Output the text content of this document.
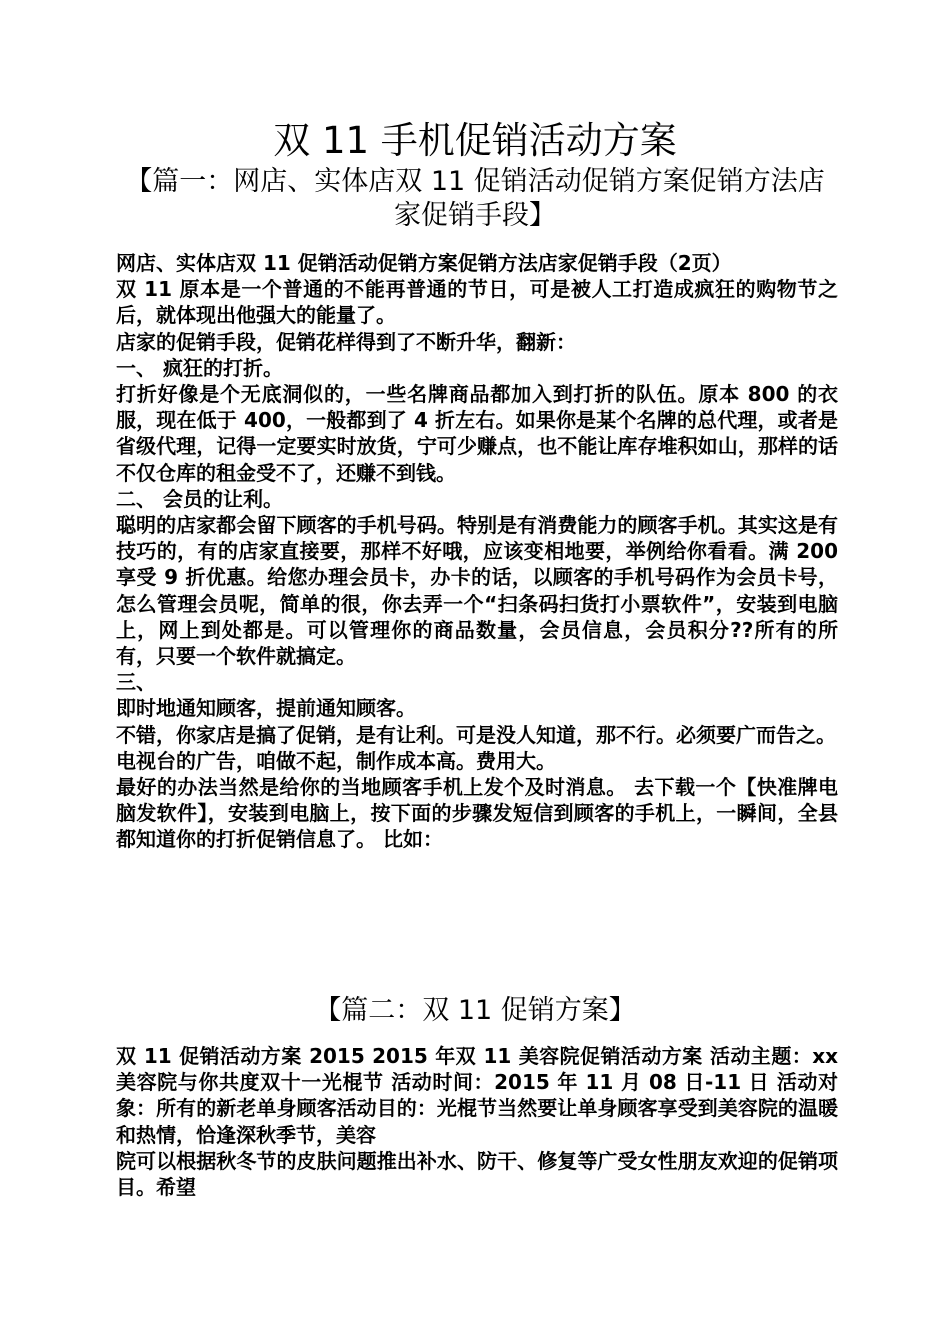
双 11 手机促销活动方案
【篇一：网店、实体店双 11 促销活动促销方案促销方法店家促销手段】

网店、实体店双 11 促销活动促销方案促销方法店家促销手段（2页）

双 11 原本是一个普通的不能再普通的节日，可是被人工打造成疯狂的购物节之后，就体现出他强大的能量了。

店家的促销手段，促销花样得到了不断升华，翻新：

一、 疯狂的打折。

打折好像是个无底洞似的，一些名牌商品都加入到打折的队伍。原本 800 的衣服，现在低于 400，一般都到了 4 折左右。如果你是某个名牌的总代理，或者是省级代理，记得一定要实时放货，宁可少赚点，也不能让库存堆积如山，那样的话不仅仓库的租金受不了，还赚不到钱。

二、 会员的让利。

聪明的店家都会留下顾客的手机号码。特别是有消费能力的顾客手机。其实这是有技巧的，有的店家直接要，那样不好哦，应该变相地要，举例给你看看。满 200 享受 9 折优惠。给您办理会员卡，办卡的话，以顾客的手机号码作为会员卡号，怎么管理会员呢，简单的很，你去弄一个“扫条码扫货打小票软件”，安装到电脑上，网上到处都是。可以管理你的商品数量，会员信息，会员积分??所有的所有，只要一个软件就搞定。

三、

即时地通知顾客，提前通知顾客。

不错，你家店是搞了促销，是有让利。可是没人知道，那不行。必须要广而告之。

电视台的广告，咱做不起，制作成本高。费用大。

最好的办法当然是给你的当地顾客手机上发个及时消息。 去下载一个【快准牌电脑发软件】，安装到电脑上，按下面的步骤发短信到顾客的手机上，一瞬间，全县都知道你的打折促销信息了。 比如：

【篇二：双 11 促销方案】

双 11 促销活动方案 2015 2015 年双 11 美容院促销活动方案 活动主题：xx 美容院与你共度双十一光棍节 活动时间：2015 年 11 月 08 日-11 日 活动对象：所有的新老单身顾客活动目的：光棍节当然要让单身顾客享受到美容院的温暖和热情，恰逢深秋季节，美容

院可以根据秋冬节的皮肤问题推出补水、防干、修复等广受女性朋友欢迎的促销项目。希望
